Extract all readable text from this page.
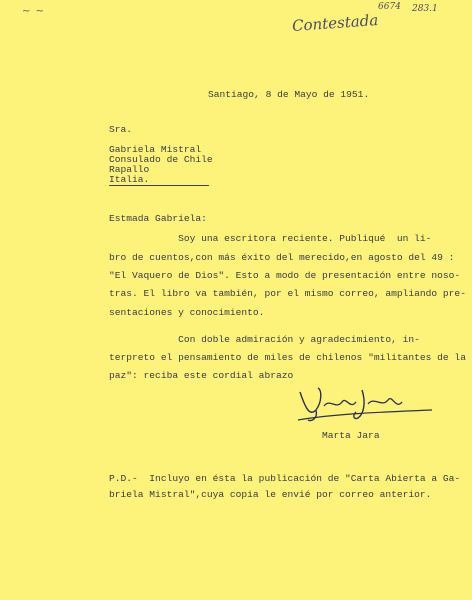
~ ~	Contestada
6674 283.1
Santiago, 8 de Mayo de 1951.
Sra.
Gabriela Mistral
Consulado de Chile
Rapallo
Italia.
Estmada Gabriela:
Soy una escritora reciente. Publiqué  un li-
bro de cuentos,con más éxito del merecido,en agosto del 49 :
"El Vaquero de Dios". Esto a modo de presentación entre noso-
tras. El libro va también, por el mismo correo, ampliando pre-
sentaciones y conocimiento.
Con doble admiración y agradecimiento, in-
terpreto el pensamiento de miles de chilenos "militantes de la
paz": reciba este cordial abrazo
Marta Jara
P.D.-  Incluyo en ésta la publicación de "Carta Abierta a Ga-
briela Mistral",cuya copia le envié por correo anterior.
